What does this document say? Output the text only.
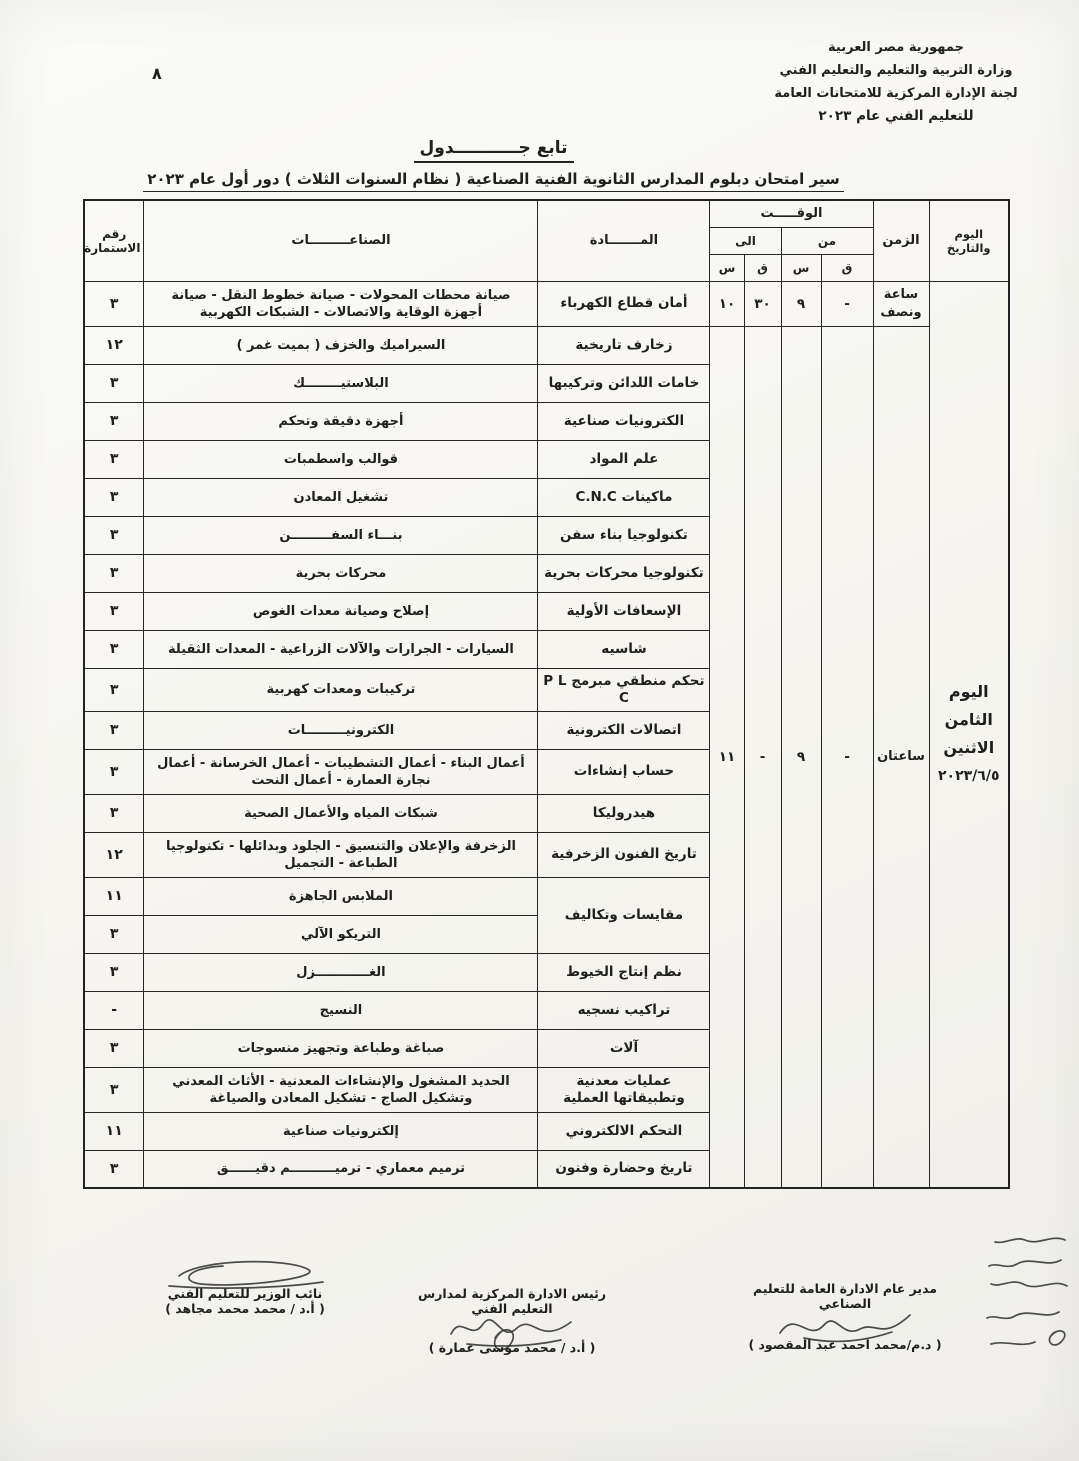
جمهورية مصر العربية
وزارة التربية والتعليم والتعليم الفني
لجنة الإدارة المركزية للامتحانات العامة
للتعليم الفني عام ٢٠٢٣
٨
تابع جـــــــــــدول
سير امتحان دبلوم المدارس الثانوية الفنية الصناعية ( نظام السنوات الثلاث ) دور أول عام ٢٠٢٣
اليوم والتاريخ	الزمن	الوقـــــت				المـــــــادة	الصناعـــــــــات	رقم الاستمارة
		من		الى				
		ق	س	ق	س			

اليوم الثامن
الاثنين
٢٠٢٣/٦/٥	ساعة ونصف	-	٩	٣٠	١٠	أمان قطاع الكهرباء	صيانة محطات المحولات - صيانة خطوط النقل - صيانة أجهزة الوقاية والاتصالات - الشبكات الكهربية	٣
	ساعتان	-	٩	-	١١	زخارف تاريخية	السيراميك والخزف ( بميت غمر )	١٢
						خامات اللدائن وتركيبها	البلاستيــــــــك	٣
						الكترونيات صناعية	أجهزة دقيقة وتحكم	٣
						علم المواد	قوالب واسطمبات	٣
						ماكينات C.N.C	تشغيل المعادن	٣
						تكنولوجيا بناء سفن	بنـــاء السفـــــــــن	٣
						تكنولوجيا محركات بحرية	محركات بحرية	٣
						الإسعافات الأولية	إصلاح وصيانة معدات الغوص	٣
						شاسيه	السيارات - الجرارات والآلات الزراعية - المعدات الثقيلة	٣
						تحكم منطقي مبرمج P L C	تركيبات ومعدات كهربية	٣
						اتصالات الكترونية	الكترونيـــــــــات	٣
						حساب إنشاءات	أعمال البناء - أعمال التشطيبات - أعمال الخرسانة - أعمال نجارة العمارة - أعمال النحت	٣
						هيدروليكا	شبكات المياه والأعمال الصحية	٣
						تاريخ الفنون الزخرفية	الزخرفة والإعلان والتنسيق - الجلود وبدائلها - تكنولوجيا الطباعة - التجميل	١٢
						مقايسات وتكاليف	الملابس الجاهزة	١١
							التريكو الآلي	٣
						نظم إنتاج الخيوط	الغــــــــــــزل	٣
						تراكيب نسجيه	النسيج	-
						آلات	صباغة وطباعة وتجهيز منسوجات	٣
						عمليات معدنية وتطبيقاتها العملية	الحديد المشغول والإنشاءات المعدنية - الأثاث المعدني وتشكيل الصاج - تشكيل المعادن والصياغة	٣
						التحكم الالكتروني	إلكترونيات صناعية	١١
						تاريخ وحضارة وفنون	ترميم معماري - ترميــــــــــم دقيــــــق	٣
مدير عام الادارة العامة للتعليم الصناعي
( د.م/محمد احمد عبد المقصود )
رئيس الادارة المركزية لمدارس التعليم الفني
( أ.د / محمد موسى عمارة )
نائب الوزير للتعليم الفني
( أ.د / محمد محمد مجاهد )
